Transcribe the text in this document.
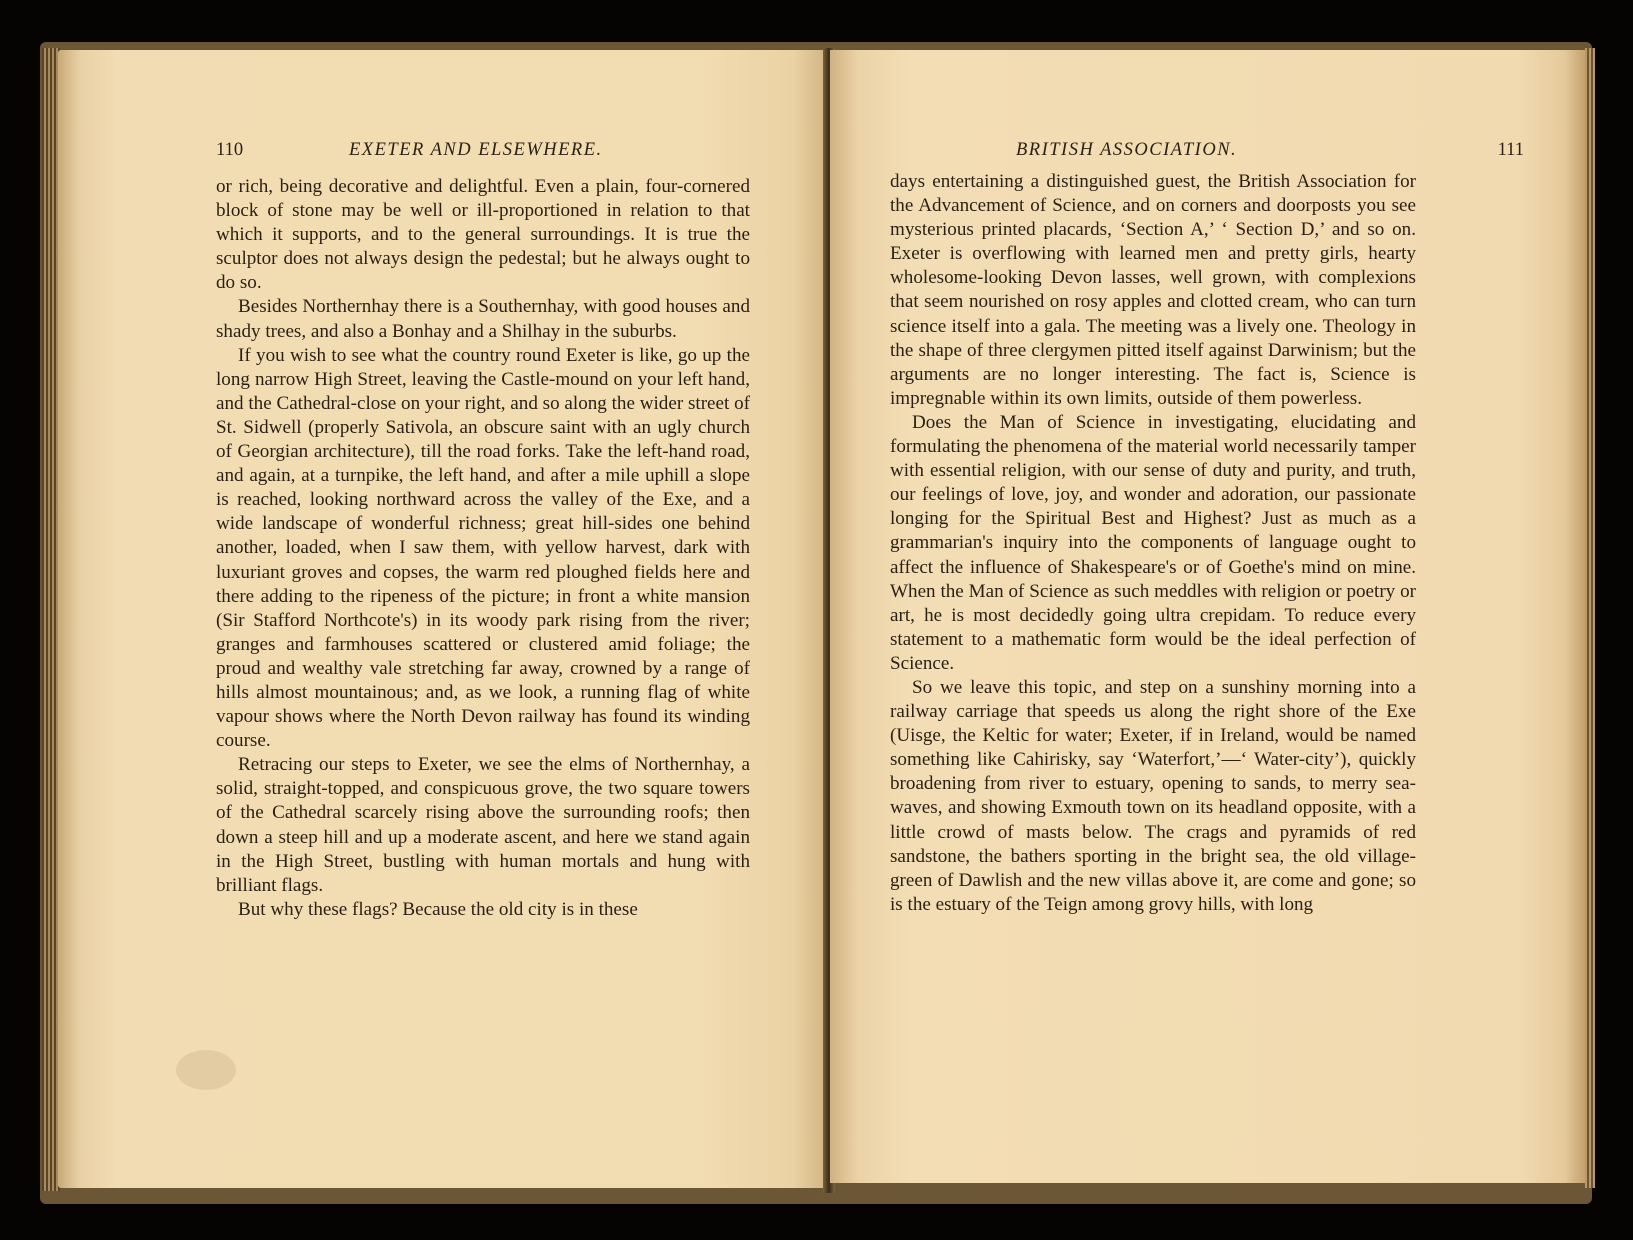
110	EXETER AND ELSEWHERE.

or rich, being decorative and delightful. Even a plain, four-cornered block of stone may be well or ill-proportioned in relation to that which it supports, and to the general surroundings. It is true the sculptor does not always design the pedestal; but he always ought to do so.

Besides Northernhay there is a Southernhay, with good houses and shady trees, and also a Bonhay and a Shilhay in the suburbs.

If you wish to see what the country round Exeter is like, go up the long narrow High Street, leaving the Castle-mound on your left hand, and the Cathedral-close on your right, and so along the wider street of St. Sidwell (properly Sativola, an obscure saint with an ugly church of Georgian architecture), till the road forks. Take the left-hand road, and again, at a turnpike, the left hand, and after a mile uphill a slope is reached, looking northward across the valley of the Exe, and a wide landscape of wonderful richness; great hill-sides one behind another, loaded, when I saw them, with yellow harvest, dark with luxuriant groves and copses, the warm red ploughed fields here and there adding to the ripeness of the picture; in front a white mansion (Sir Stafford Northcote's) in its woody park rising from the river; granges and farmhouses scattered or clustered amid foliage; the proud and wealthy vale stretching far away, crowned by a range of hills almost mountainous; and, as we look, a running flag of white vapour shows where the North Devon railway has found its winding course.

Retracing our steps to Exeter, we see the elms of Northernhay, a solid, straight-topped, and conspicuous grove, the two square towers of the Cathedral scarcely rising above the surrounding roofs; then down a steep hill and up a moderate ascent, and here we stand again in the High Street, bustling with human mortals and hung with brilliant flags.

But why these flags? Because the old city is in these

BRITISH ASSOCIATION.	111

days entertaining a distinguished guest, the British Association for the Advancement of Science, and on corners and doorposts you see mysterious printed placards, ‘Section A,’ ‘ Section D,’ and so on. Exeter is overflowing with learned men and pretty girls, hearty wholesome-looking Devon lasses, well grown, with complexions that seem nourished on rosy apples and clotted cream, who can turn science itself into a gala. The meeting was a lively one. Theology in the shape of three clergymen pitted itself against Darwinism; but the arguments are no longer interesting. The fact is, Science is impregnable within its own limits, outside of them powerless.

Does the Man of Science in investigating, elucidating and formulating the phenomena of the material world necessarily tamper with essential religion, with our sense of duty and purity, and truth, our feelings of love, joy, and wonder and adoration, our passionate longing for the Spiritual Best and Highest? Just as much as a grammarian's inquiry into the components of language ought to affect the influence of Shakespeare's or of Goethe's mind on mine. When the Man of Science as such meddles with religion or poetry or art, he is most decidedly going ultra crepidam. To reduce every statement to a mathematic form would be the ideal perfection of Science.

So we leave this topic, and step on a sunshiny morning into a railway carriage that speeds us along the right shore of the Exe (Uisge, the Keltic for water; Exeter, if in Ireland, would be named something like Cahirisky, say ‘Waterfort,’—‘ Water-city’), quickly broadening from river to estuary, opening to sands, to merry sea-waves, and showing Exmouth town on its headland opposite, with a little crowd of masts below. The crags and pyramids of red sandstone, the bathers sporting in the bright sea, the old village-green of Dawlish and the new villas above it, are come and gone; so is the estuary of the Teign among grovy hills, with long
